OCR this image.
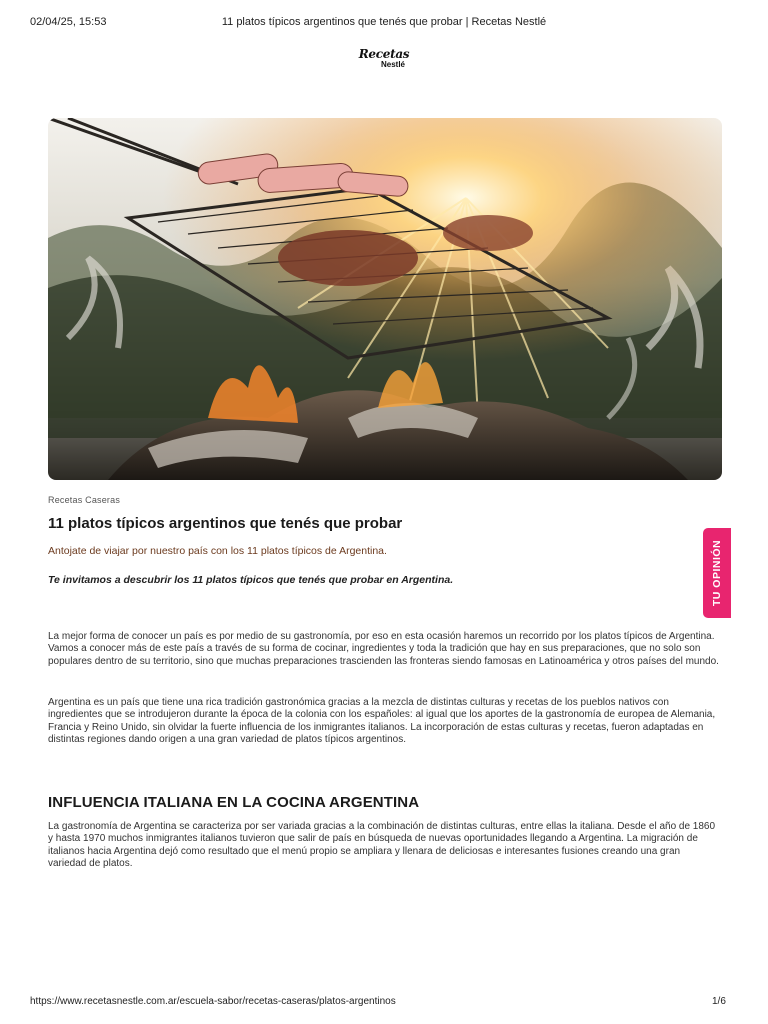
02/04/25, 15:53	11 platos típicos argentinos que tenés que probar | Recetas Nestlé
Recetas
Nestlé
Recetas Caseras
11 platos típicos argentinos que tenés que probar
Antojate de viajar por nuestro país con los 11 platos típicos de Argentina.
Te invitamos a descubrir los 11 platos típicos que tenés que probar en Argentina.

La mejor forma de conocer un país es por medio de su gastronomía, por eso en esta ocasión haremos un recorrido por los platos típicos de Argentina. Vamos a conocer más de este país a través de su forma de cocinar, ingredientes y toda la tradición que hay en sus preparaciones, que no solo son populares dentro de su territorio, sino que muchas preparaciones trascienden las fronteras siendo famosas en Latinoamérica y otros países del mundo.

Argentina es un país que tiene una rica tradición gastronómica gracias a la mezcla de distintas culturas y recetas de los pueblos nativos con ingredientes que se introdujeron durante la época de la colonia con los españoles: al igual que los aportes de la gastronomía de europea de Alemania, Francia y Reino Unido, sin olvidar la fuerte influencia de los inmigrantes italianos. La incorporación de estas culturas y recetas, fueron adaptadas en distintas regiones dando origen a una gran variedad de platos típicos argentinos.

INFLUENCIA ITALIANA EN LA COCINA ARGENTINA

La gastronomía de Argentina se caracteriza por ser variada gracias a la combinación de distintas culturas, entre ellas la italiana. Desde el año de 1860 y hasta 1970 muchos inmigrantes italianos tuvieron que salir de país en búsqueda de nuevas oportunidades llegando a Argentina. La migración de italianos hacia Argentina dejó como resultado que el menú propio se ampliara y llenara de deliciosas e interesantes fusiones creando una gran variedad de platos.

TU OPINIÓN
https://www.recetasnestle.com.ar/escuela-sabor/recetas-caseras/platos-argentinos	1/6
